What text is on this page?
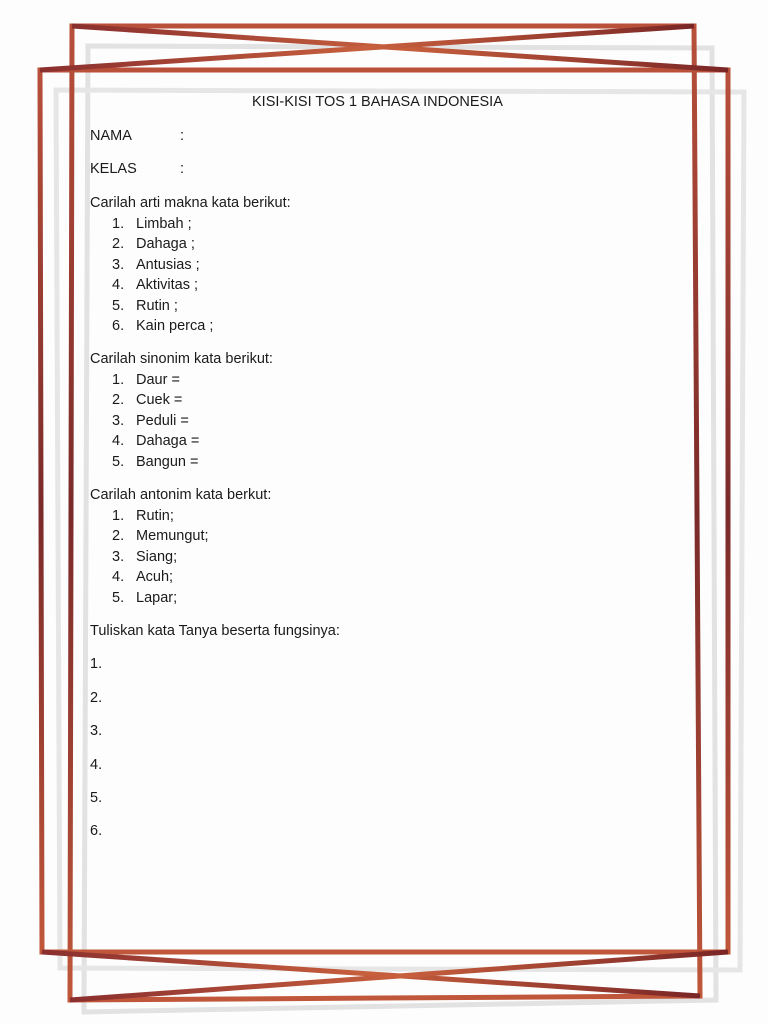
KISI-KISI TOS 1 BAHASA INDONESIA
NAMA	:
KELAS	:
Carilah arti makna kata berikut:
1. Limbah ;
2. Dahaga ;
3. Antusias ;
4. Aktivitas ;
5. Rutin ;
6. Kain perca ;
Carilah sinonim kata berikut:
1. Daur =
2. Cuek =
3. Peduli =
4. Dahaga =
5. Bangun =
Carilah antonim kata berkut:
1. Rutin;
2. Memungut;
3. Siang;
4. Acuh;
5. Lapar;
Tuliskan kata Tanya beserta fungsinya:
1.
2.
3.
4.
5.
6.
